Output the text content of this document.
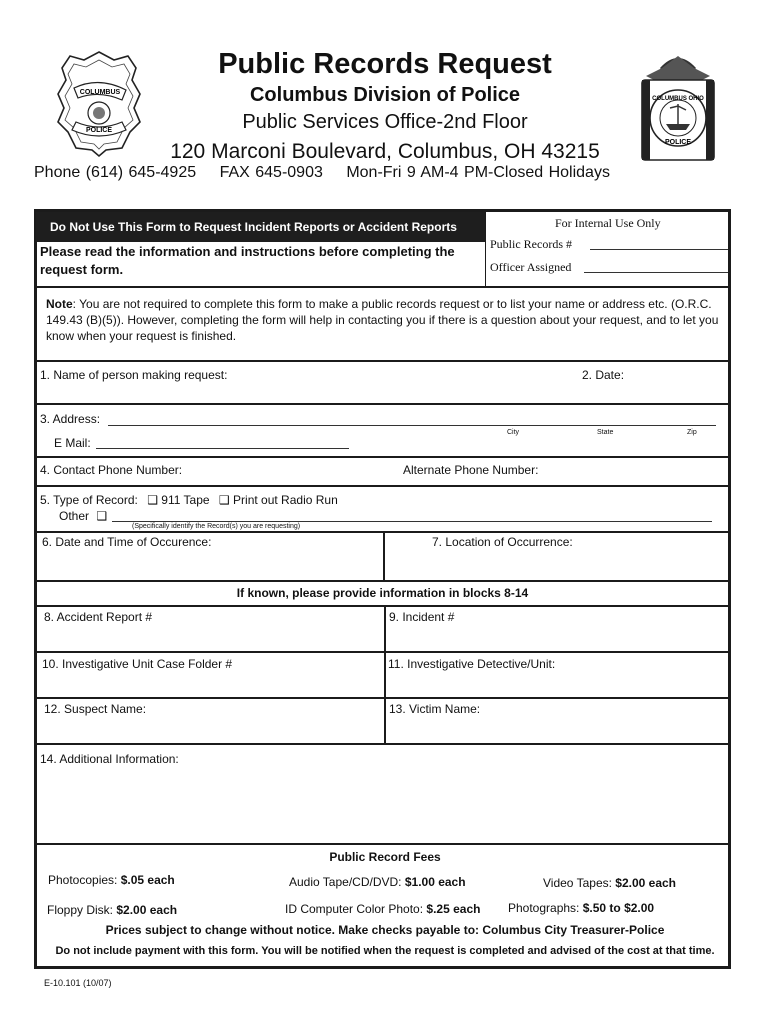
Public Records Request
Columbus Division of Police
Public Services Office-2nd Floor
120 Marconi Boulevard, Columbus, OH 43215
Phone (614) 645-4925 FAX 645-0903 Mon-Fri 9 AM-4 PM-Closed Holidays
COLUMBUS
POLICE
COLUMBUS OHIO
POLICE
Do Not Use This Form to Request Incident Reports or Accident Reports
Please read the information and instructions before completing the request form.
For Internal Use Only
Public Records #
Officer Assigned
Note: You are not required to complete this form to make a public records request or to list your name or address etc. (O.R.C. 149.43 (B)(5)). However, completing the form will help in contacting you if there is a question about your request, and to let you know when your request is finished.
1. Name of person making request:	2. Date:
3. Address:
City	State	Zip
E Mail:
4. Contact Phone Number:	Alternate Phone Number:
5. Type of Record: ❑ 911 Tape ❑ Print out Radio Run
Other ❑
(Specifically identify the Record(s) you are requesting)
6. Date and Time of Occurence:	7. Location of Occurrence:
If known, please provide information in blocks 8-14
8. Accident Report #	9. Incident #
10. Investigative Unit Case Folder #	11. Investigative Detective/Unit:
12. Suspect Name:	13. Victim Name:
14. Additional Information:
Public Record Fees
Photocopies: $.05 each	Audio Tape/CD/DVD: $1.00 each	Video Tapes: $2.00 each
Floppy Disk: $2.00 each	ID Computer Color Photo: $.25 each Photographs: $.50 to $2.00
Prices subject to change without notice. Make checks payable to: Columbus City Treasurer-Police
Do not include payment with this form. You will be notified when the request is completed and advised of the cost at that time.
E-10.101 (10/07)
